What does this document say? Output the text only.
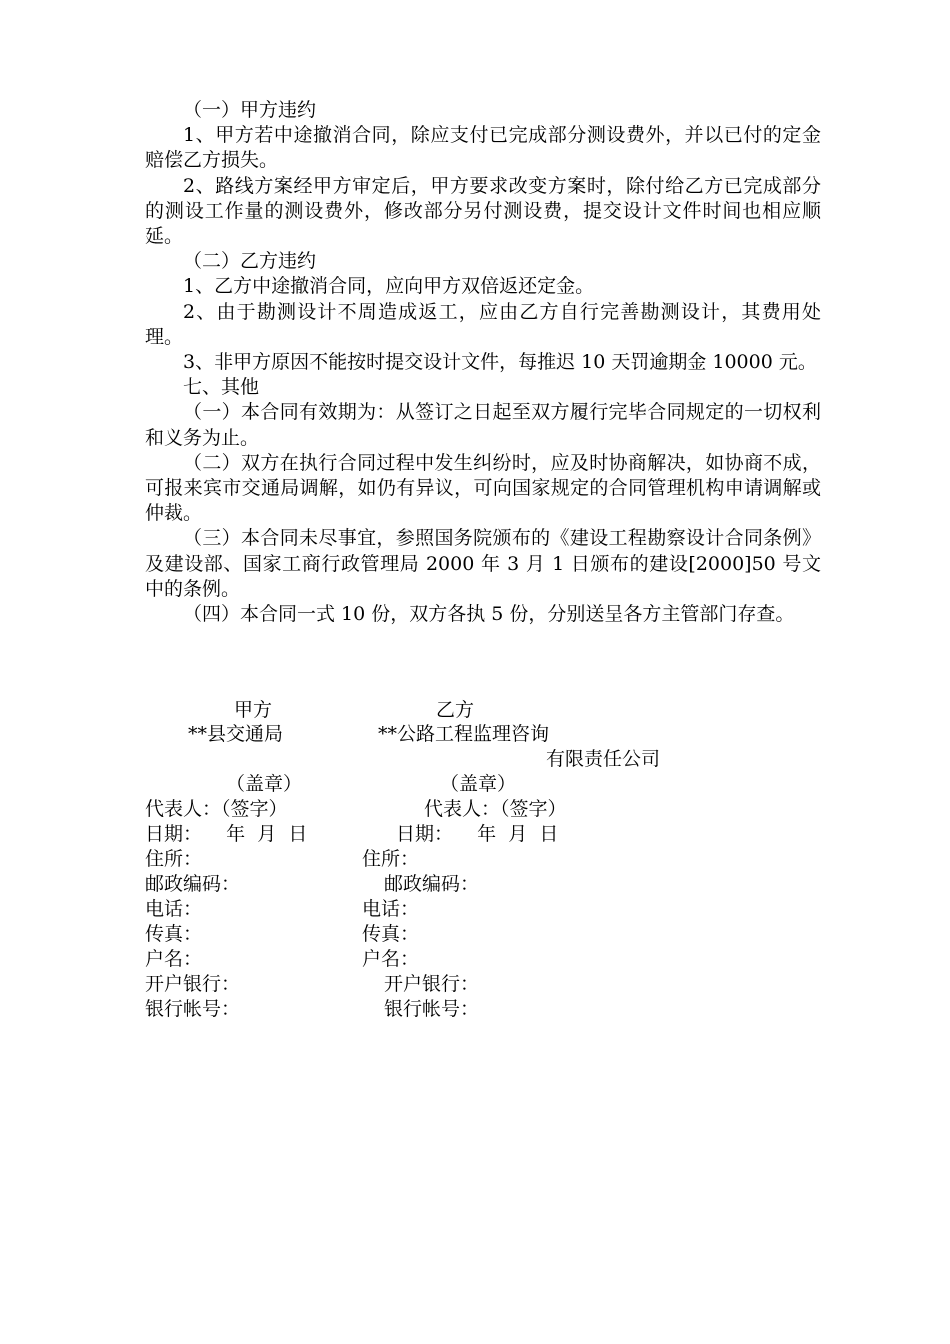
（一）甲方违约

1、甲方若中途撤消合同，除应支付已完成部分测设费外，并以已付的定金赔偿乙方损失。

2、路线方案经甲方审定后，甲方要求改变方案时，除付给乙方已完成部分的测设工作量的测设费外，修改部分另付测设费，提交设计文件时间也相应顺延。

（二）乙方违约

1、乙方中途撤消合同，应向甲方双倍返还定金。

2、由于勘测设计不周造成返工，应由乙方自行完善勘测设计，其费用处理。

3、非甲方原因不能按时提交设计文件，每推迟 10 天罚逾期金 10000 元。

七、其他

（一）本合同有效期为：从签订之日起至双方履行完毕合同规定的一切权利和义务为止。

（二）双方在执行合同过程中发生纠纷时，应及时协商解决，如协商不成，可报来宾市交通局调解，如仍有异议，可向国家规定的合同管理机构申请调解或仲裁。

（三）本合同未尽事宜，参照国务院颁布的《建设工程勘察设计合同条例》及建设部、国家工商行政管理局 2000 年 3 月 1 日颁布的建设[2000]50 号文中的条例。

（四）本合同一式 10 份，双方各执 5 份，分别送呈各方主管部门存查。

甲方
**县交通局
（盖章）
代表人：（签字）
日期：    年  月  日
住所：
邮政编码：
电话：
传真：
户名：
开户银行：
银行帐号：
乙方
**公路工程监理咨询
有限责任公司
（盖章）
代表人：（签字）
日期：    年  月  日
住所：
邮政编码：
电话：
传真：
户名：
开户银行：
银行帐号：
